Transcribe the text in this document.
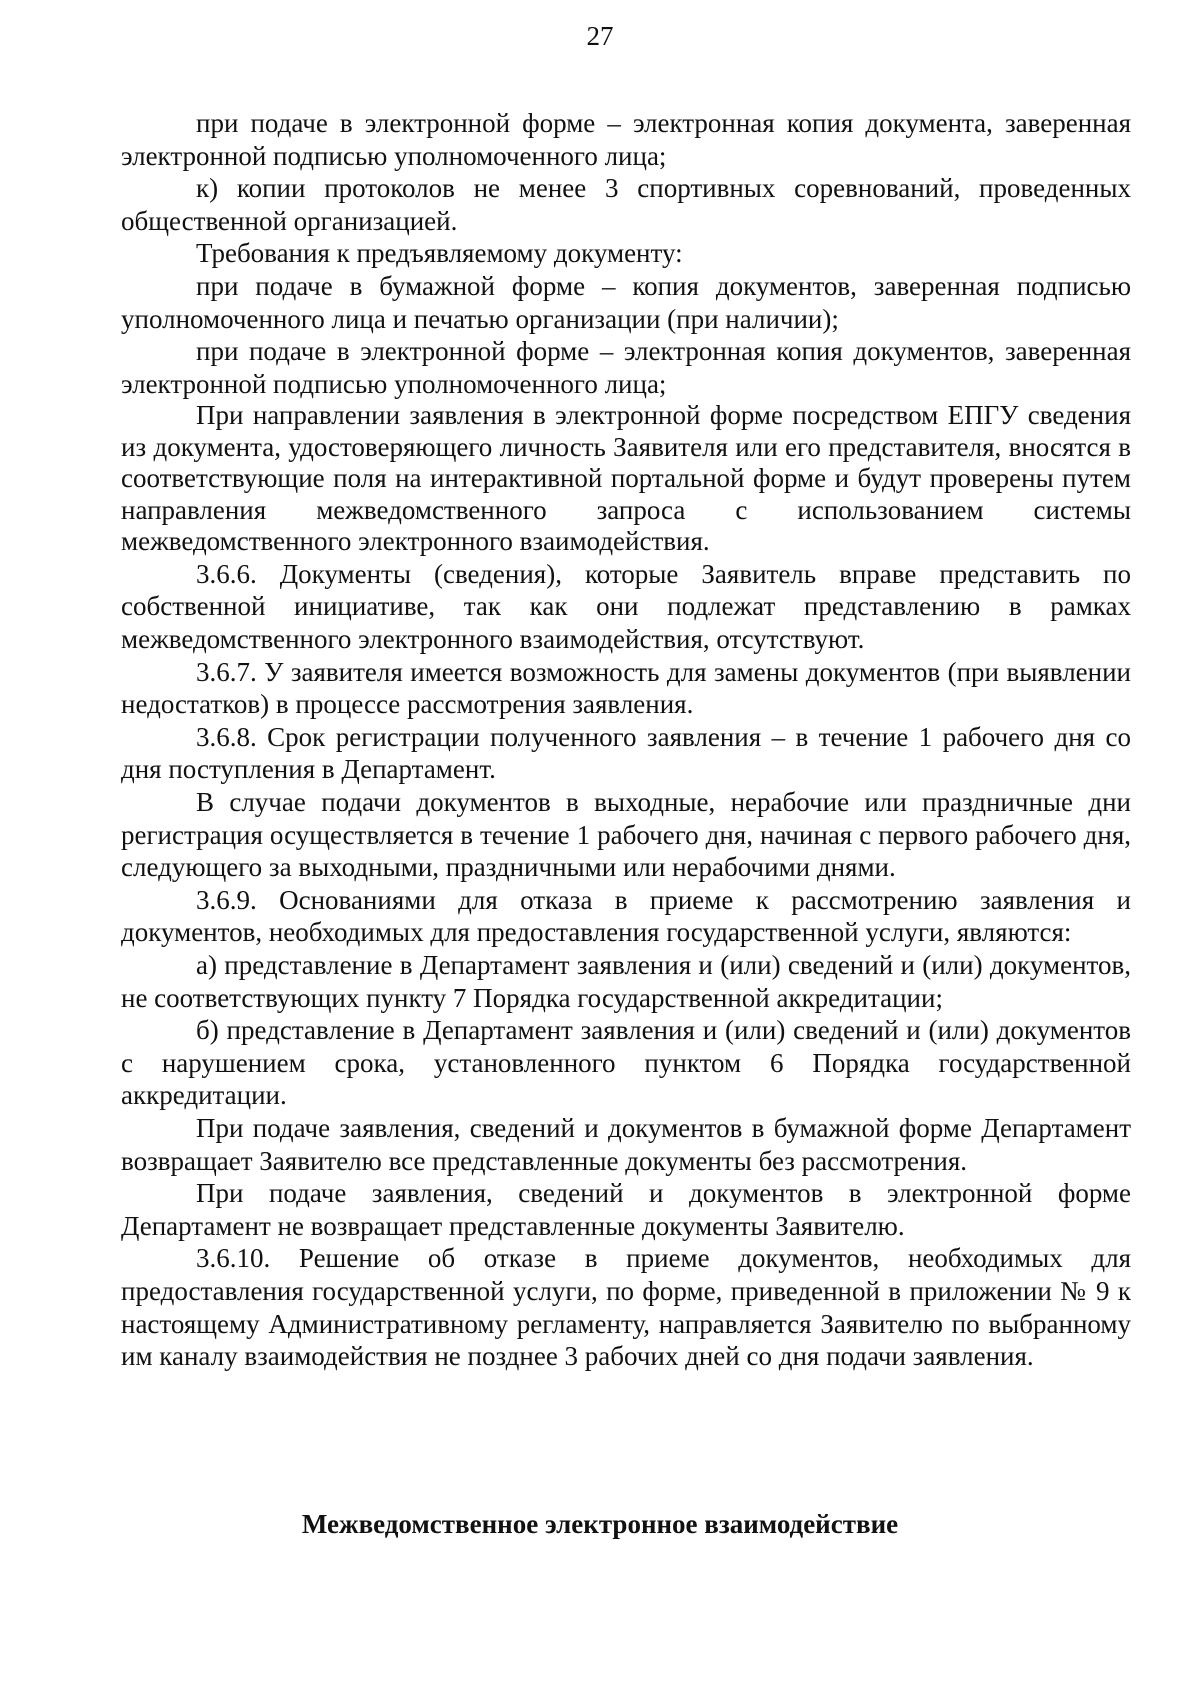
27

при подаче в электронной форме – электронная копия документа, заверенная электронной подписью уполномоченного лица;

к) копии протоколов не менее 3 спортивных соревнований, проведенных общественной организацией.

Требования к предъявляемому документу:

при подаче в бумажной форме – копия документов, заверенная подписью уполномоченного лица и печатью организации (при наличии);

при подаче в электронной форме – электронная копия документов, заверенная электронной подписью уполномоченного лица;

При направлении заявления в электронной форме посредством ЕПГУ сведения из документа, удостоверяющего личность Заявителя или его представителя, вносятся в соответствующие поля на интерактивной портальной форме и будут проверены путем направления межведомственного запроса с использованием системы межведомственного электронного взаимодействия.

3.6.6. Документы (сведения), которые Заявитель вправе представить по собственной инициативе, так как они подлежат представлению в рамках межведомственного электронного взаимодействия, отсутствуют.

3.6.7. У заявителя имеется возможность для замены документов (при выявлении недостатков) в процессе рассмотрения заявления.

3.6.8. Срок регистрации полученного заявления – в течение 1 рабочего дня со дня поступления в Департамент.

В случае подачи документов в выходные, нерабочие или праздничные дни регистрация осуществляется в течение 1 рабочего дня, начиная с первого рабочего дня, следующего за выходными, праздничными или нерабочими днями.

3.6.9. Основаниями для отказа в приеме к рассмотрению заявления и документов, необходимых для предоставления государственной услуги, являются:

а) представление в Департамент заявления и (или) сведений и (или) документов, не соответствующих пункту 7 Порядка государственной аккредитации;

б) представление в Департамент заявления и (или) сведений и (или) документов с нарушением срока, установленного пунктом 6 Порядка государственной аккредитации.

При подаче заявления, сведений и документов в бумажной форме Департамент возвращает Заявителю все представленные документы без рассмотрения.

При подаче заявления, сведений и документов в электронной форме Департамент не возвращает представленные документы Заявителю.

3.6.10. Решение об отказе в приеме документов, необходимых для предоставления государственной услуги, по форме, приведенной в приложении № 9 к настоящему Административному регламенту, направляется Заявителю по выбранному им каналу взаимодействия не позднее 3 рабочих дней со дня подачи заявления.

Межведомственное электронное взаимодействие
